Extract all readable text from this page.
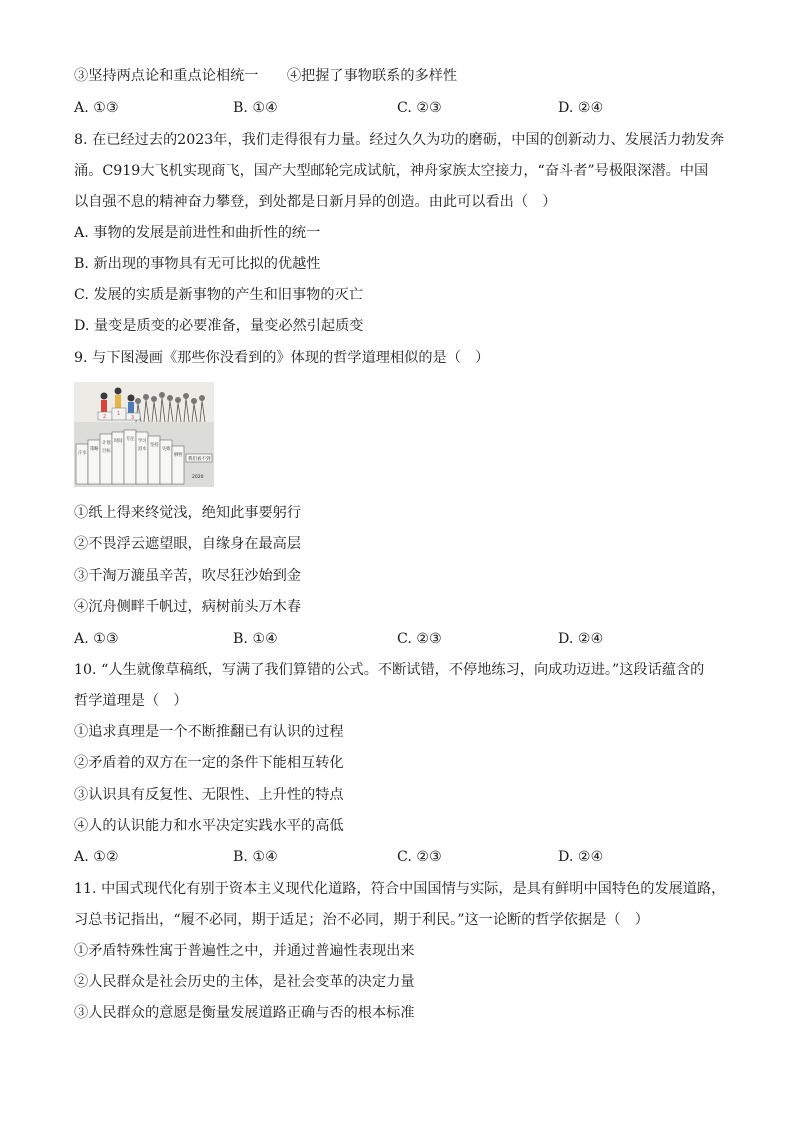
③坚持两点论和重点论相统一　　④把握了事物联系的多样性
A. ①③	B. ①④	C. ②③	D. ②④
8. 在已经过去的2023年，我们走得很有力量。经过久久为功的磨砺，中国的创新动力、发展活力勃发奔
涌。C919大飞机实现商飞，国产大型邮轮完成试航，神舟家族太空接力，“奋斗者”号极限深潜。中国
以自强不息的精神奋力攀登，到处都是日新月异的创造。由此可以看出（　）
A. 事物的发展是前进性和曲折性的统一
B. 新出现的事物具有无可比拟的优越性
C. 发展的实质是新事物的产生和旧事物的灭亡
D. 量变是质变的必要准备，量变必然引起质变
9. 与下图漫画《那些你没看到的》体现的哲学道理相似的是（　）
2 1
3
汗水
策略
计划
目标
时间 专注 学习
泪水
坚持
失败
牺牲
我们看不到
2020
①纸上得来终觉浅，绝知此事要躬行
②不畏浮云遮望眼，自缘身在最高层
③千淘万漉虽辛苦，吹尽狂沙始到金
④沉舟侧畔千帆过，病树前头万木春
A. ①③	B. ①④	C. ②③	D. ②④
10. “人生就像草稿纸，写满了我们算错的公式。不断试错，不停地练习，向成功迈进。”这段话蕴含的
哲学道理是（　）
①追求真理是一个不断推翻已有认识的过程
②矛盾着的双方在一定的条件下能相互转化
③认识具有反复性、无限性、上升性的特点
④人的认识能力和水平决定实践水平的高低
A. ①②	B. ①④	C. ②③	D. ②④
11. 中国式现代化有别于资本主义现代化道路，符合中国国情与实际，是具有鲜明中国特色的发展道路，
习总书记指出，“履不必同，期于适足；治不必同，期于利民。”这一论断的哲学依据是（　）
①矛盾特殊性寓于普遍性之中，并通过普遍性表现出来
②人民群众是社会历史的主体，是社会变革的决定力量
③人民群众的意愿是衡量发展道路正确与否的根本标准
